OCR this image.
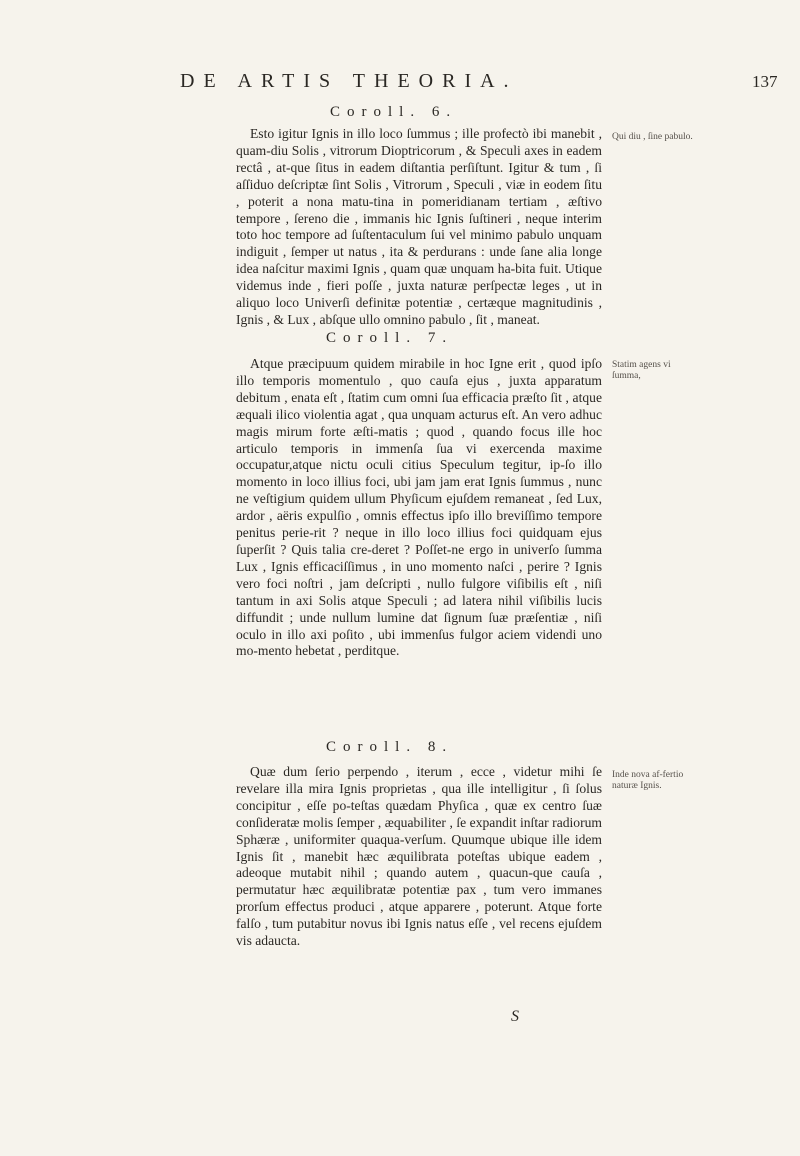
DE ARTIS THEORIA.	137
Coroll. 6.

Esto igitur Ignis in illo loco ſummus ; ille profectò ibi manebit , quam-diu Solis , vitrorum Dioptricorum , & Speculi axes in eadem rectâ , at-que ſitus in eadem diſtantia perſiſtunt. Igitur & tum , ſi aſſiduo deſcriptæ ſint Solis , Vitrorum , Speculi , viæ in eodem ſitu , poterit a nona matu-tina in pomeridianam tertiam , æſtivo tempore , ſereno die , immanis hic Ignis ſuſtineri , neque interim toto hoc tempore ad ſuſtentaculum ſui vel minimo pabulo unquam indiguit , ſemper ut natus , ita & perdurans : unde ſane alia longe idea naſcitur maximi Ignis , quam quæ unquam ha-bita fuit. Utique videmus inde , fieri poſſe , juxta naturæ perſpectæ leges , ut in aliquo loco Univerſi definitæ potentiæ , certæque magnitudinis , Ignis , & Lux , abſque ullo omnino pabulo , ſit , maneat.

Qui diu , ſine pabulo.
Coroll. 7.

Atque præcipuum quidem mirabile in hoc Igne erit , quod ipſo illo temporis momentulo , quo cauſa ejus , juxta apparatum debitum , enata eſt , ſtatim cum omni ſua efficacia præſto ſit , atque æquali ilico violentia agat , qua unquam acturus eſt. An vero adhuc magis mirum forte æſti-matis ; quod , quando focus ille hoc articulo temporis in immenſa ſua vi exercenda maxime occupatur,atque nictu oculi citius Speculum tegitur, ip-ſo illo momento in loco illius foci, ubi jam jam erat Ignis ſummus , nunc ne veſtigium quidem ullum Phyſicum ejuſdem remaneat , ſed Lux, ardor , aëris expulſio , omnis effectus ipſo illo breviſſimo tempore penitus perie-rit ? neque in illo loco illius foci quidquam ejus ſuperſit ? Quis talia cre-deret ? Poſſet-ne ergo in univerſo ſumma Lux , Ignis efficaciſſimus , in uno momento naſci , perire ? Ignis vero foci noſtri , jam deſcripti , nullo fulgore viſibilis eſt , niſi tantum in axi Solis atque Speculi ; ad latera nihil viſibilis lucis diffundit ; unde nullum lumine dat ſignum ſuæ præſentiæ , niſi oculo in illo axi poſito , ubi immenſus fulgor aciem videndi uno mo-mento hebetat , perditque.

Statim agens vi ſumma,
Coroll. 8.

Quæ dum ſerio perpendo , iterum , ecce , videtur mihi ſe revelare illa mira Ignis proprietas , qua ille intelligitur , ſi ſolus concipitur , eſſe po-teſtas quædam Phyſica , quæ ex centro ſuæ conſideratæ molis ſemper , æquabiliter , ſe expandit inſtar radiorum Sphæræ , uniformiter quaqua-verſum. Quumque ubique ille idem Ignis ſit , manebit hæc æquilibrata poteſtas ubique eadem , adeoque mutabit nihil ; quando autem , quacun-que cauſa , permutatur hæc æquilibratæ potentiæ pax , tum vero immanes prorſum effectus produci , atque apparere , poterunt. Atque forte falſo , tum putabitur novus ibi Ignis natus eſſe , vel recens ejuſdem vis adaucta.

Inde nova af-fertio naturæ Ignis.
S
